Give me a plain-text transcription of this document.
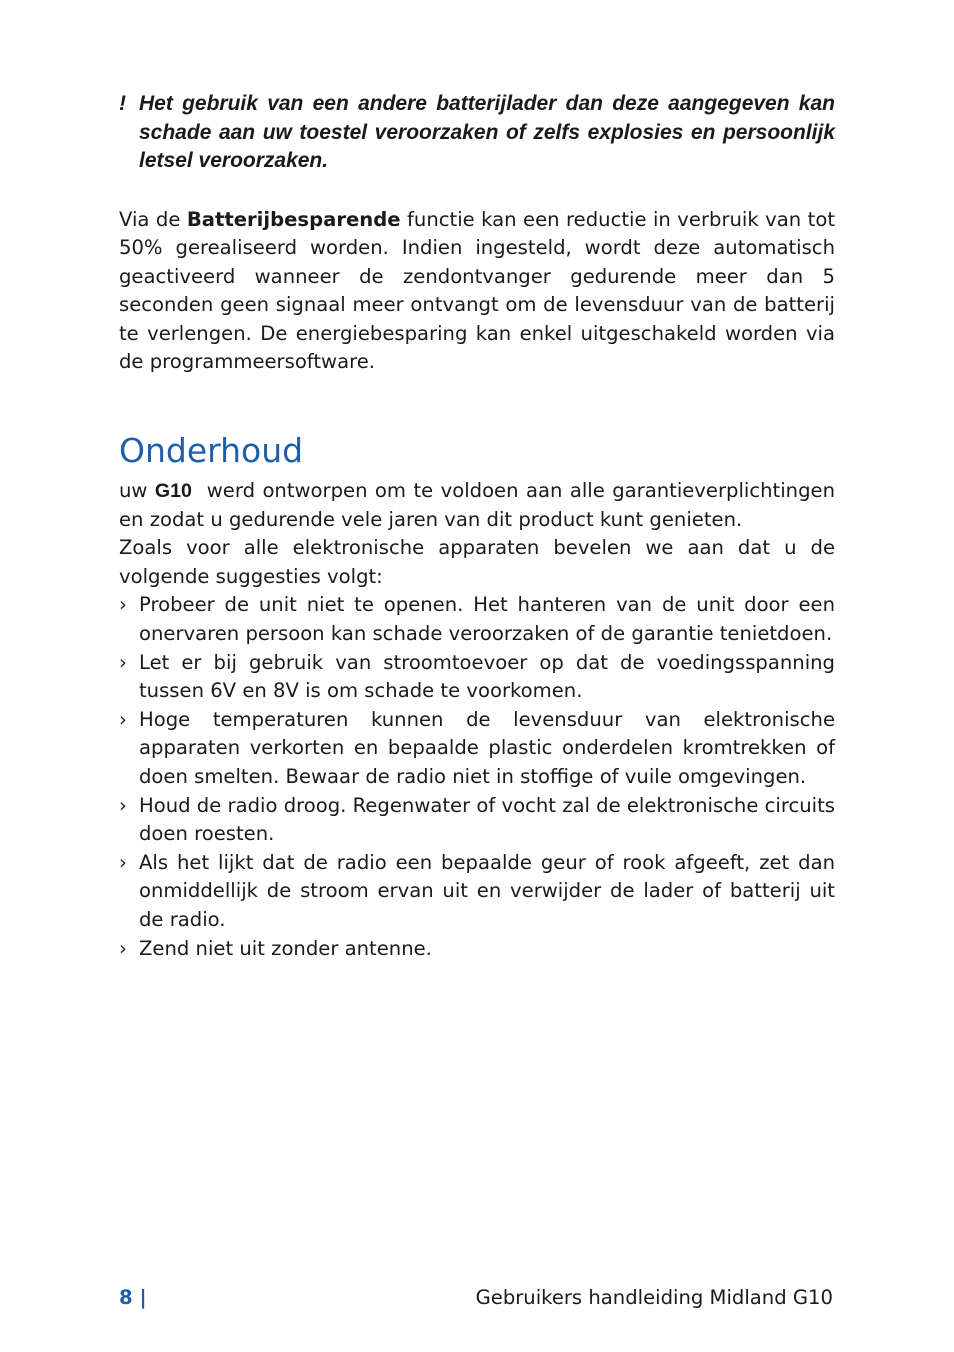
! Het gebruik van een andere batterijlader dan deze aangegeven kan schade aan uw toestel veroorzaken of zelfs explosies en persoonlijk letsel veroorzaken.

Via de Batterijbesparende functie kan een reductie in verbruik van tot 50% gerealiseerd worden. Indien ingesteld, wordt deze automatisch geactiveerd wanneer de zendontvanger gedurende meer dan 5 seconden geen signaal meer ontvangt om de levensduur van de batterij te verlengen. De energiebesparing kan enkel uitgeschakeld worden via de programmeersoftware.

Onderhoud

uw G10  werd ontworpen om te voldoen aan alle garantieverplichtingen en zodat u gedurende vele jaren van dit product kunt genieten.

Zoals voor alle elektronische apparaten bevelen we aan dat u de volgende suggesties volgt:

› Probeer de unit niet te openen. Het hanteren van de unit door een onervaren persoon kan schade veroorzaken of de garantie tenietdoen.
› Let er bij gebruik van stroomtoevoer op dat de voedingsspanning tussen 6V en 8V is om schade te voorkomen.
› Hoge temperaturen kunnen de levensduur van elektronische apparaten verkorten en bepaalde plastic onderdelen kromtrekken of doen smelten. Bewaar de radio niet in stoffige of vuile omgevingen.
› Houd de radio droog. Regenwater of vocht zal de elektronische circuits doen roesten.
› Als het lijkt dat de radio een bepaalde geur of rook afgeeft, zet dan onmiddellijk de stroom ervan uit en verwijder de lader of batterij uit de radio.
› Zend niet uit zonder antenne.
8 |	Gebruikers handleiding Midland G10
